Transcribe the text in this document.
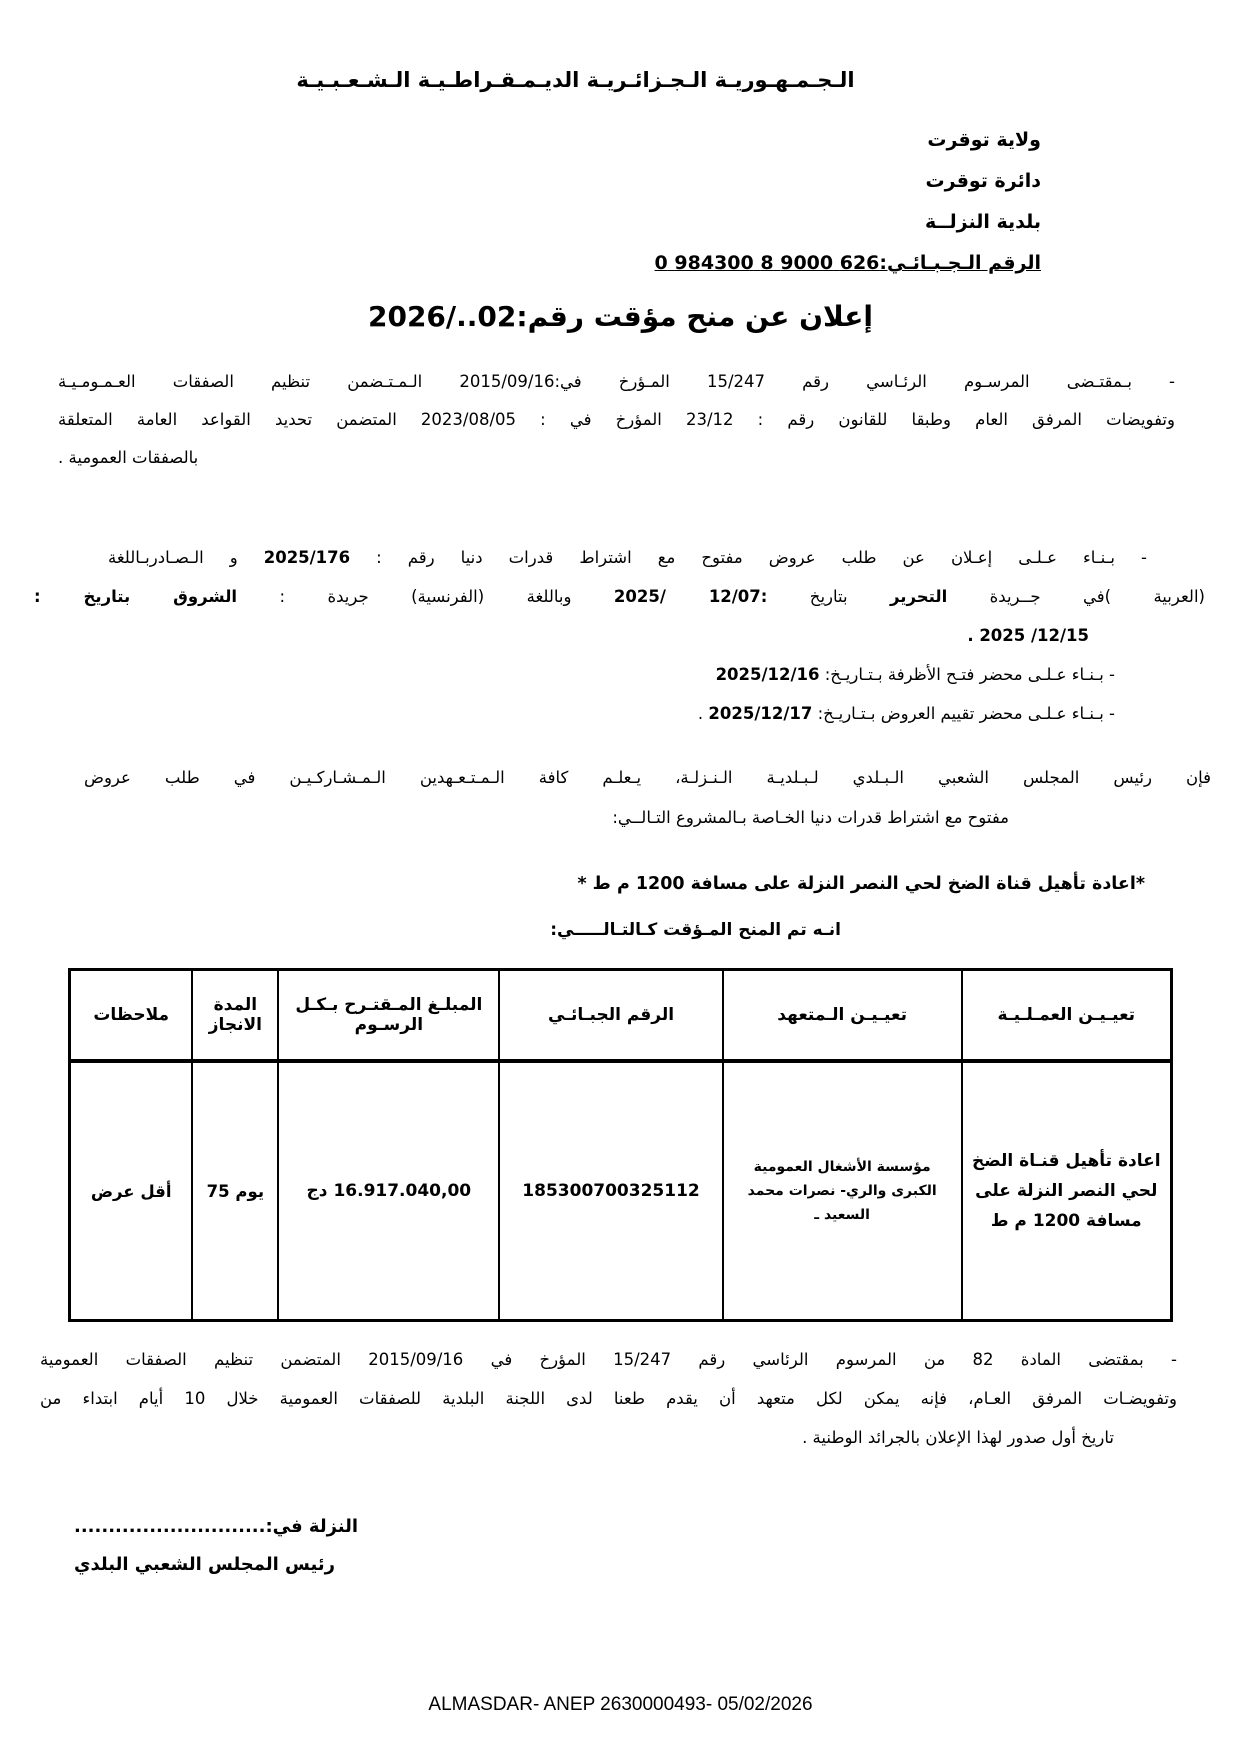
الـجـمـهـوريـة الـجـزائـريـة الديـمـقـراطـيـة الـشـعـبـيـة
ولاية توقرت
دائرة توقرت
بلدية النزلــة
الرقم الـجـبـائـي:626 9000 8 984300 0
إعلان عن منح مؤقت رقم:02../2026
- بـمقتـضى المرسـوم الرئـاسي رقم 15/247 المـؤرخ في:2015/09/16 الـمـتـضمن تنظيم الصفقات العـمـومـيـة
وتفويضات المرفق العام وطبقا للقانون رقم : 23/12 المؤرخ في : 2023/08/05 المتضمن تحديد القواعد العامة المتعلقة
بالصفقات العمومية .
- بـنـاء عـلـى إعـلان عن طلب عروض مفتوح مع اشتراط قدرات دنيا رقم : 2025/176 و الـصـادربـاللغة
(العربية )في جــريدة التحرير بتاريخ :12/07 /2025 وباللغة (الفرنسية) جريدة : الشروق بتاريخ :
12/15/ 2025 .
- بـنـاء عـلـى محضر فتـح الأظرفة بـتـاريـخ: 2025/12/16
- بـنـاء عـلـى محضر تقييم العروض بـتـاريـخ: 2025/12/17 .
فإن رئيس المجلس الشعبي الـبـلدي لـبـلديـة الـنـزلـة، يـعلـم كافة الـمـتـعـهدين الـمـشـاركـيـن في طلب عروض
مفتوح مع اشتراط قدرات دنيا الخـاصة بـالمشروع التـالــي:
*اعادة تأهيل قناة الضخ لحي النصر النزلة على مسافة 1200 م ط *
انـه تم المنح المـؤقت كـالتـالـــــي:
تعيـيـن العمـلـيـة	تعيـيـن الـمتعهد	الرقم الجبـائـي	المبلـغ المـقتـرح بـكـل الرسـوم	المدة الانجاز	ملاحظات
اعادة تأهيل قنـاة الضخ لحي النصر النزلة على مسافة 1200 م ط	مؤسسة الأشغال العمومية الكبرى والري- نصرات محمد السعيد ـ	185300700325112	16.917.040,00 دج	75 يوم	أقل عرض
- بمقتضى المادة 82 من المرسوم الرئاسي رقم 15/247 المؤرخ في 2015/09/16 المتضمن تنظيم الصفقات العمومية
وتفويضـات المرفق العـام، فإنه يمكن لكل متعهد أن يقدم طعنا لدى اللجنة البلدية للصفقات العمومية خلال 10 أيام ابتداء من
تاريخ أول صدور لهذا الإعلان بالجرائد الوطنية .
النزلة في:............................
رئيس المجلس الشعبي البلدي
ALMASDAR- ANEP 2630000493- 05/02/2026
